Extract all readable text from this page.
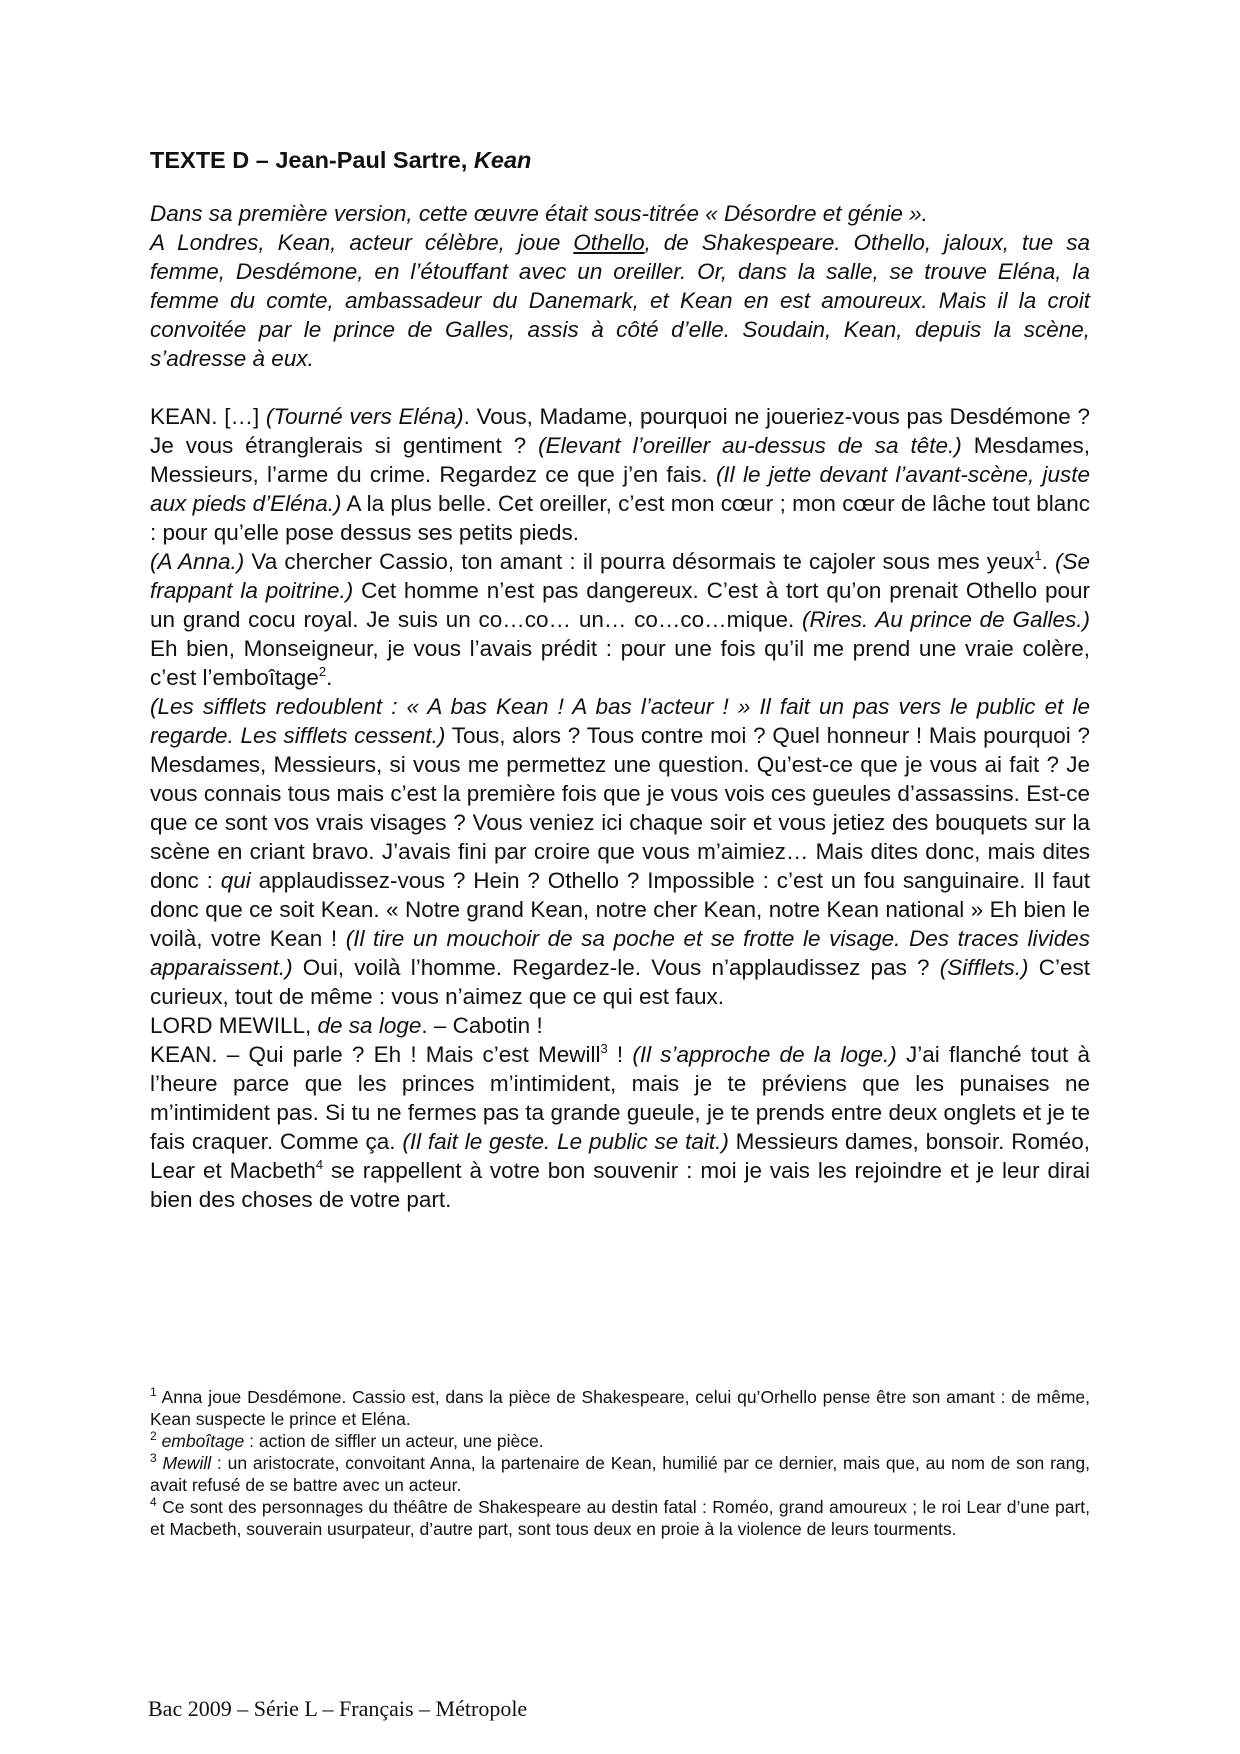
TEXTE D – Jean-Paul Sartre, Kean

Dans sa première version, cette œuvre était sous-titrée « Désordre et génie ».

A Londres, Kean, acteur célèbre, joue Othello, de Shakespeare. Othello, jaloux, tue sa femme, Desdémone, en l’étouffant avec un oreiller. Or, dans la salle, se trouve Eléna, la femme du comte, ambassadeur du Danemark, et Kean en est amoureux. Mais il la croit convoitée par le prince de Galles, assis à côté d’elle. Soudain, Kean, depuis la scène, s’adresse à eux.

KEAN. […] (Tourné vers Eléna). Vous, Madame, pourquoi ne joueriez-vous pas Desdémone ? Je vous étranglerais si gentiment ? (Elevant l’oreiller au-dessus de sa tête.) Mesdames, Messieurs, l’arme du crime. Regardez ce que j’en fais. (Il le jette devant l’avant-scène, juste aux pieds d’Eléna.) A la plus belle. Cet oreiller, c’est mon cœur ; mon cœur de lâche tout blanc : pour qu’elle pose dessus ses petits pieds.

(A Anna.) Va chercher Cassio, ton amant : il pourra désormais te cajoler sous mes yeux$^1$. (Se frappant la poitrine.) Cet homme n’est pas dangereux. C’est à tort qu’on prenait Othello pour un grand cocu royal. Je suis un co…co… un… co…co…mique. (Rires. Au prince de Galles.) Eh bien, Monseigneur, je vous l’avais prédit : pour une fois qu’il me prend une vraie colère, c’est l’emboîtage$^2$.

(Les sifflets redoublent : « A bas Kean ! A bas l’acteur ! » Il fait un pas vers le public et le regarde. Les sifflets cessent.) Tous, alors ? Tous contre moi ? Quel honneur ! Mais pourquoi ? Mesdames, Messieurs, si vous me permettez une question. Qu’est-ce que je vous ai fait ? Je vous connais tous mais c’est la première fois que je vous vois ces gueules d’assassins. Est-ce que ce sont vos vrais visages ? Vous veniez ici chaque soir et vous jetiez des bouquets sur la scène en criant bravo. J’avais fini par croire que vous m’aimiez… Mais dites donc, mais dites donc : qui applaudissez-vous ? Hein ? Othello ? Impossible : c’est un fou sanguinaire. Il faut donc que ce soit Kean. « Notre grand Kean, notre cher Kean, notre Kean national » Eh bien le voilà, votre Kean ! (Il tire un mouchoir de sa poche et se frotte le visage. Des traces livides apparaissent.) Oui, voilà l’homme. Regardez-le. Vous n’applaudissez pas ? (Sifflets.) C’est curieux, tout de même : vous n’aimez que ce qui est faux.

LORD MEWILL, de sa loge. – Cabotin !

KEAN. – Qui parle ? Eh ! Mais c’est Mewill$^3$ ! (Il s’approche de la loge.) J’ai flanché tout à l’heure parce que les princes m’intimident, mais je te préviens que les punaises ne m’intimident pas. Si tu ne fermes pas ta grande gueule, je te prends entre deux onglets et je te fais craquer. Comme ça. (Il fait le geste. Le public se tait.) Messieurs dames, bonsoir. Roméo, Lear et Macbeth$^4$ se rappellent à votre bon souvenir : moi je vais les rejoindre et je leur dirai bien des choses de votre part.

$^1$ Anna joue Desdémone. Cassio est, dans la pièce de Shakespeare, celui qu’Orhello pense être son amant : de même, Kean suspecte le prince et Eléna.

$^2$ emboîtage : action de siffler un acteur, une pièce.

$^3$ Mewill : un aristocrate, convoitant Anna, la partenaire de Kean, humilié par ce dernier, mais que, au nom de son rang, avait refusé de se battre avec un acteur.

$^4$ Ce sont des personnages du théâtre de Shakespeare au destin fatal : Roméo, grand amoureux ; le roi Lear d’une part, et Macbeth, souverain usurpateur, d’autre part, sont tous deux en proie à la violence de leurs tourments.

Bac 2009 – Série L – Français – Métropole
